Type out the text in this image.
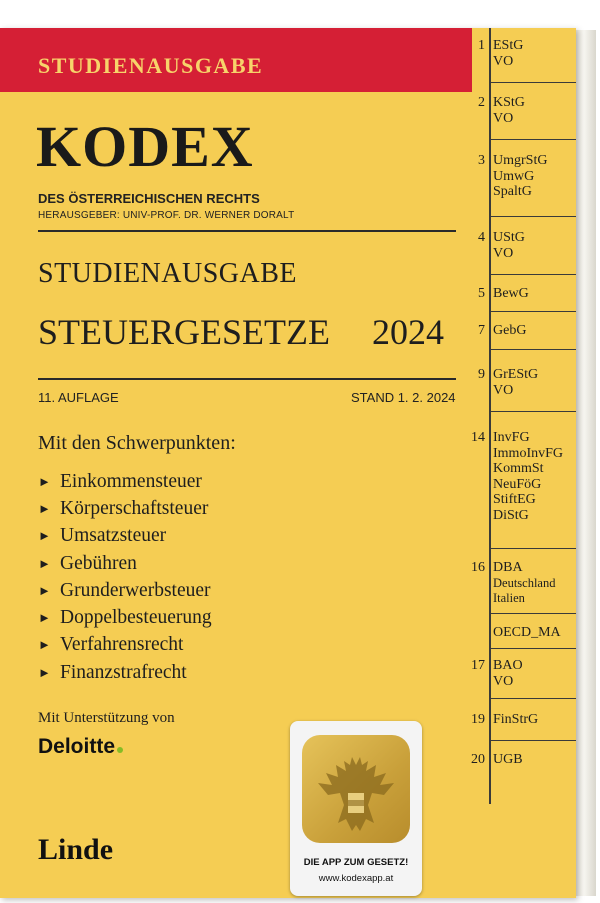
STUDIENAUSGABE
KODEX
DES ÖSTERREICHISCHEN RECHTS
HERAUSGEBER: UNIV-PROF. DR. WERNER DORALT
STUDIENAUSGABE
STEUERGESETZE 2024
11. AUFLAGE	STAND 1. 2. 2024
Mit den Schwerpunkten:
► Einkommensteuer
► Körperschaftsteuer
► Umsatzsteuer
► Gebühren
► Grunderwerbsteuer
► Doppelbesteuerung
► Verfahrensrecht
► Finanzstrafrecht
Mit Unterstützung von
Deloitte
Linde	DIE APP ZUM GESETZ!
www.kodexapp.at
1 EStG
VO
2 KStG
VO
3 UmgrStG
UmwG
SpaltG
4 UStG
VO
5 BewG
7 GebG
9 GrEStG
VO
14 InvFG
ImmoInvFG
KommSt
NeuFöG
StiftEG
DiStG
16 DBA
Deutschland
Italien
OECD_MA
17 BAO
VO
19 FinStrG
20 UGB
